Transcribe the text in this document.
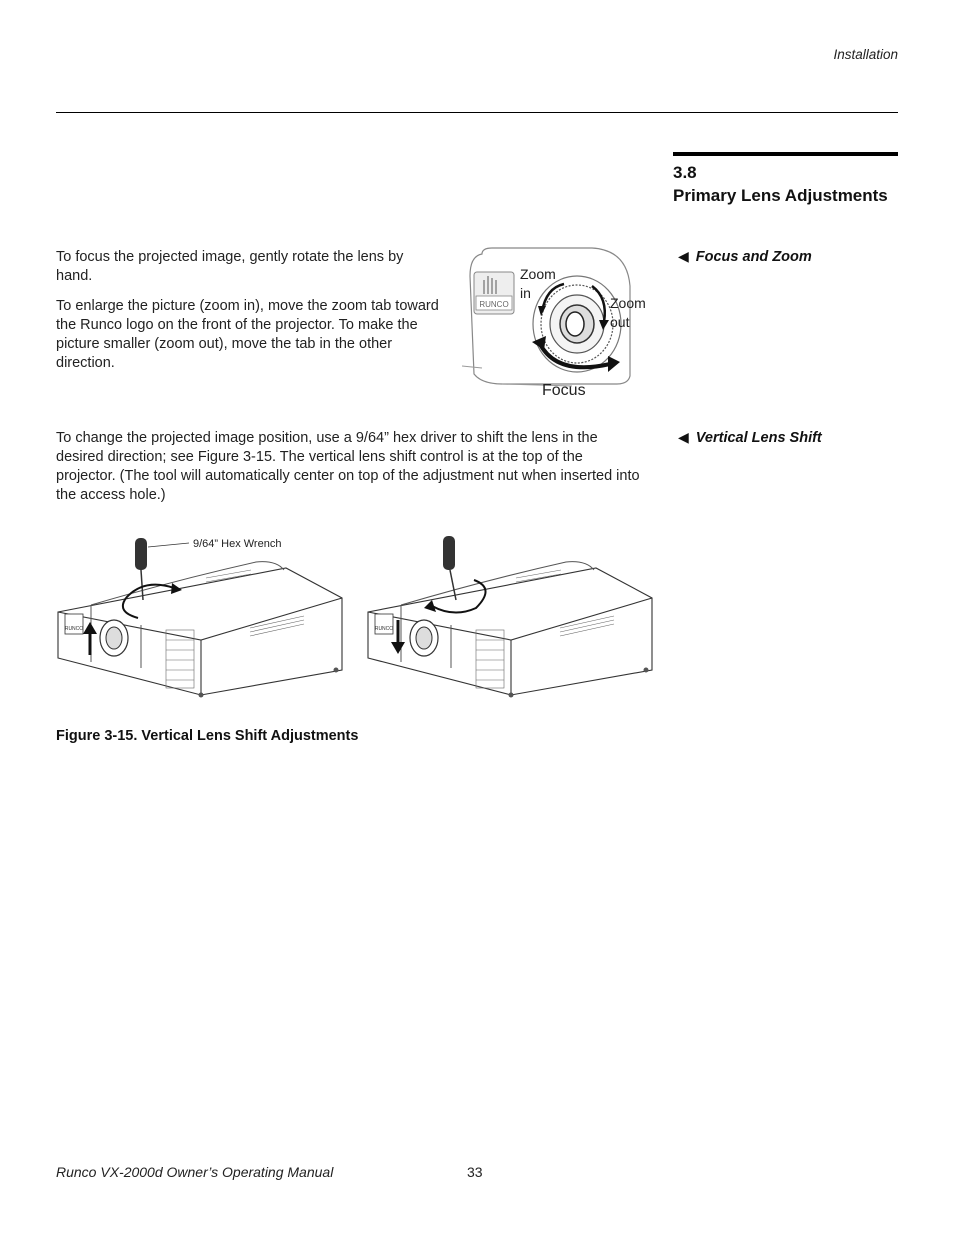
Installation
3.8
Primary Lens Adjustments
◀ Focus and Zoom

To focus the projected image, gently rotate the lens by hand.

To enlarge the picture (zoom in), move the zoom tab toward the Runco logo on the front of the projector. To make the picture smaller (zoom out), move the tab in the other direction.

RUNCO
Zoom
in
Zoom
out
Focus
◀ Vertical Lens Shift

To change the projected image position, use a 9/64” hex driver to shift the lens in the desired direction; see Figure 3-15. The vertical lens shift control is at the top of the projector. (The tool will automatically center on top of the adjustment nut when inserted into the access hole.)

RUNCO
9/64” Hex Wrench
RUNCO
Figure 3-15. Vertical Lens Shift Adjustments
Runco VX-2000d Owner’s Operating Manual	33
